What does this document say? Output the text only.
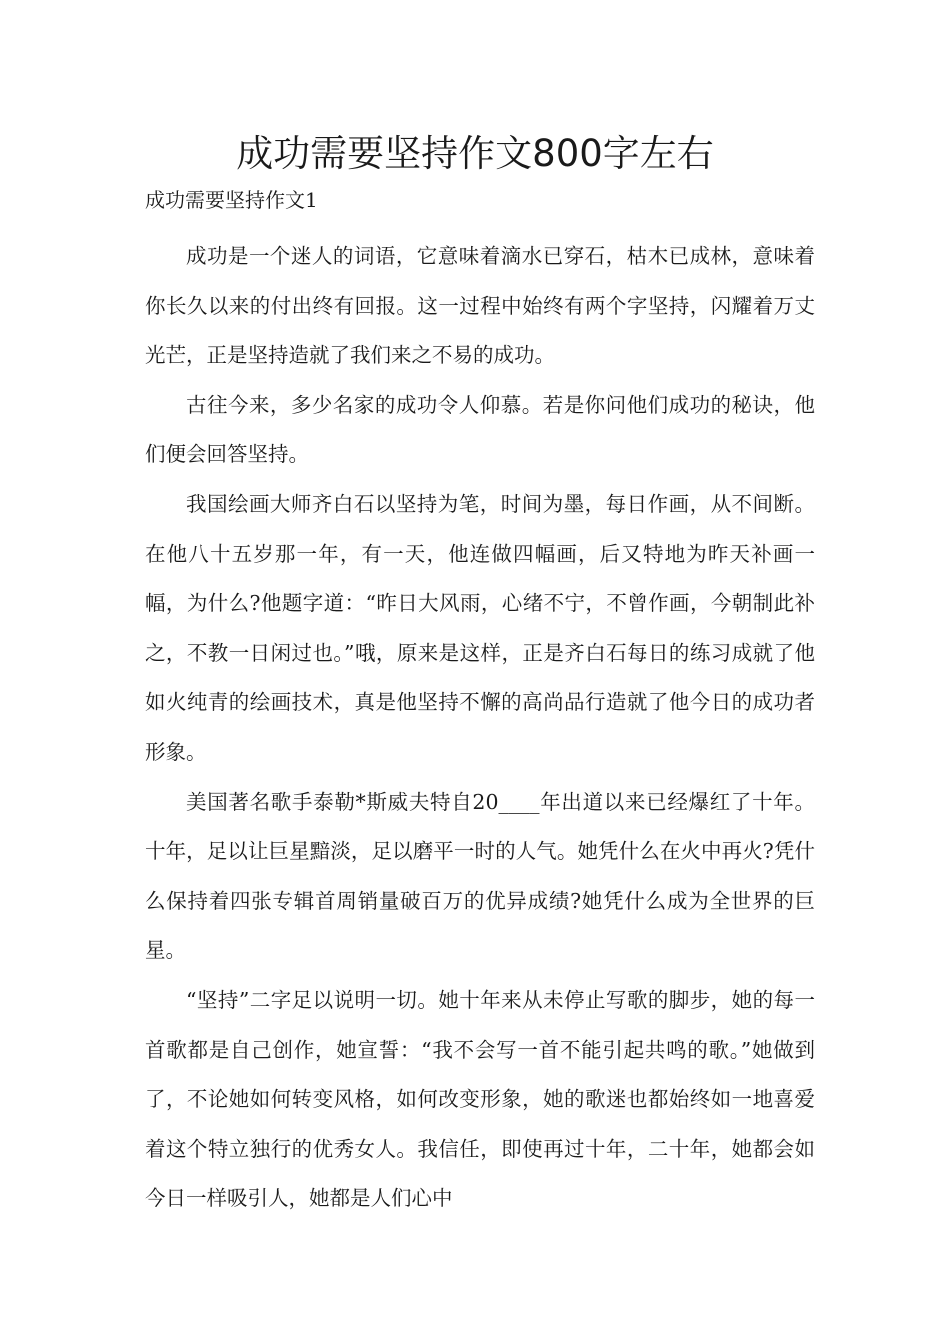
成功需要坚持作文800字左右

成功需要坚持作文1

成功是一个迷人的词语，它意味着滴水已穿石，枯木已成林，意味着你长久以来的付出终有回报。这一过程中始终有两个字坚持，闪耀着万丈光芒，正是坚持造就了我们来之不易的成功。

古往今来，多少名家的成功令人仰慕。若是你问他们成功的秘诀，他们便会回答坚持。

我国绘画大师齐白石以坚持为笔，时间为墨，每日作画，从不间断。在他八十五岁那一年，有一天，他连做四幅画，后又特地为昨天补画一幅，为什么?他题字道：“昨日大风雨，心绪不宁，不曾作画，今朝制此补之，不教一日闲过也。”哦，原来是这样，正是齐白石每日的练习成就了他如火纯青的绘画技术，真是他坚持不懈的高尚品行造就了他今日的成功者形象。

美国著名歌手泰勒*斯威夫特自20____年出道以来已经爆红了十年。十年，足以让巨星黯淡，足以磨平一时的人气。她凭什么在火中再火?凭什么保持着四张专辑首周销量破百万的优异成绩?她凭什么成为全世界的巨星。

“坚持”二字足以说明一切。她十年来从未停止写歌的脚步，她的每一首歌都是自己创作，她宣誓：“我不会写一首不能引起共鸣的歌。”她做到了，不论她如何转变风格，如何改变形象，她的歌迷也都始终如一地喜爱着这个特立独行的优秀女人。我信任，即使再过十年，二十年，她都会如今日一样吸引人，她都是人们心中
